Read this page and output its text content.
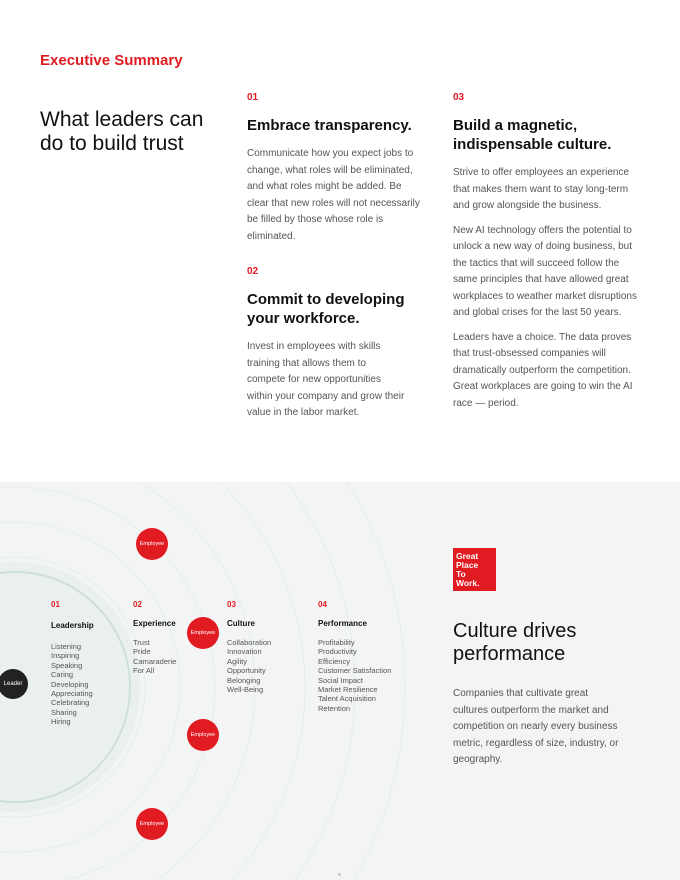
Executive Summary
What leaders can do to build trust
01
Embrace transparency.

Communicate how you expect jobs to change, what roles will be eliminated, and what roles might be added. Be clear that new roles will not necessarily be filled by those whose role is eliminated.

02
Commit to developing your workforce.

Invest in employees with skills training that allows them to compete for new opportunities within your company and grow their value in the labor market.

03
Build a magnetic, indispensable culture.

Strive to offer employees an experience that makes them want to stay long-term and grow alongside the business.

New AI technology offers the potential to unlock a new way of doing business, but the tactics that will succeed follow the same principles that have allowed great workplaces to weather market disruptions and global crises for the last 50 years.

Leaders have a choice. The data proves that trust-obsessed companies will dramatically outperform the competition. Great workplaces are going to win the AI race — period.

Employee
Employee
Employee
Employee
Leader
01
Leadership
Listening
Inspiring
Speaking
Caring
Developing
Appreciating
Celebrating
Sharing
Hiring
02
Experience
Trust
Pride
Camaraderie
For All
03
Culture
Collaboration
Innovation
Agility
Opportunity
Belonging
Well-Being
04
Performance
Profitability
Productivity
Efficiency
Customer Satisfaction
Social Impact
Market Resilience
Talent Acquisition
Retention
Great
Place
To
Work.
Culture drives performance
Companies that cultivate great cultures outperform the market and competition on nearly every business metric, regardless of size, industry, or geography.
